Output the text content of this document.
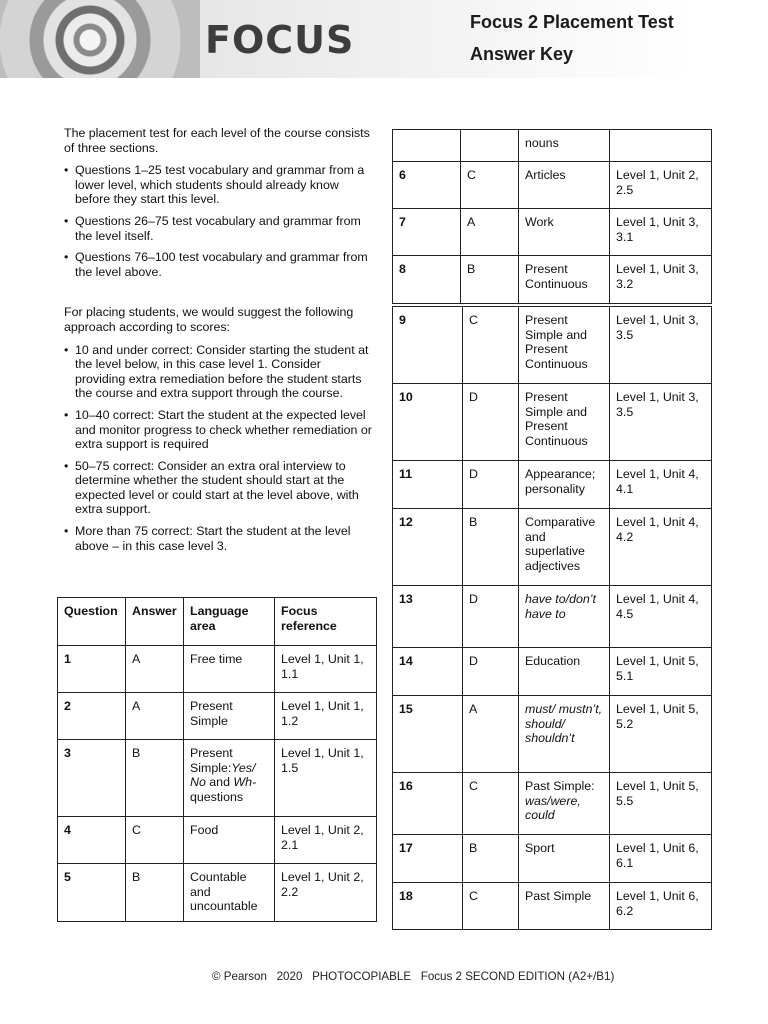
FOCUS	Focus 2 Placement Test
Answer Key

The placement test for each level of the course consists of three sections.

• Questions 1–25 test vocabulary and grammar from a lower level, which students should already know before they start this level.
• Questions 26–75 test vocabulary and grammar from the level itself.
• Questions 76–100 test vocabulary and grammar from the level above.

For placing students, we would suggest the following approach according to scores:

• 10 and under correct: Consider starting the student at the level below, in this case level 1. Consider providing extra remediation before the student starts the course and extra support through the course.
• 10–40 correct: Start the student at the expected level and monitor progress to check whether remediation or extra support is required
• 50–75 correct: Consider an extra oral interview to determine whether the student should start at the expected level or could start at the level above, with extra support.
• More than 75 correct: Start the student at the level above – in this case level 3.
Question	Answer	Language area	Focus reference
1	A	Free time	Level 1, Unit 1, 1.1
2	A	Present Simple	Level 1, Unit 1, 1.2
3	B	Present Simple:Yes/ No and Wh- questions	Level 1, Unit 1, 1.5
4	C	Food	Level 1, Unit 2, 2.1
5	B	Countable and uncountable	Level 1, Unit 2, 2.2
		nouns	
6	C	Articles	Level 1, Unit 2, 2.5
7	A	Work	Level 1, Unit 3, 3.1
8	B	Present Continuous	Level 1, Unit 3, 3.2
9	C	Present Simple and Present Continuous	Level 1, Unit 3, 3.5
10	D	Present Simple and Present Continuous	Level 1, Unit 3, 3.5
11	D	Appearance; personality	Level 1, Unit 4, 4.1
12	B	Comparative and superlative adjectives	Level 1, Unit 4, 4.2
13	D	have to/don’t have to	Level 1, Unit 4, 4.5
14	D	Education	Level 1, Unit 5, 5.1
15	A	must/ mustn’t, should/ shouldn’t	Level 1, Unit 5, 5.2
16	C	Past Simple: was/were, could	Level 1, Unit 5, 5.5
17	B	Sport	Level 1, Unit 6, 6.1
18	C	Past Simple	Level 1, Unit 6, 6.2
© Pearson   2020   PHOTOCOPIABLE   Focus 2 SECOND EDITION (A2+/B1)
